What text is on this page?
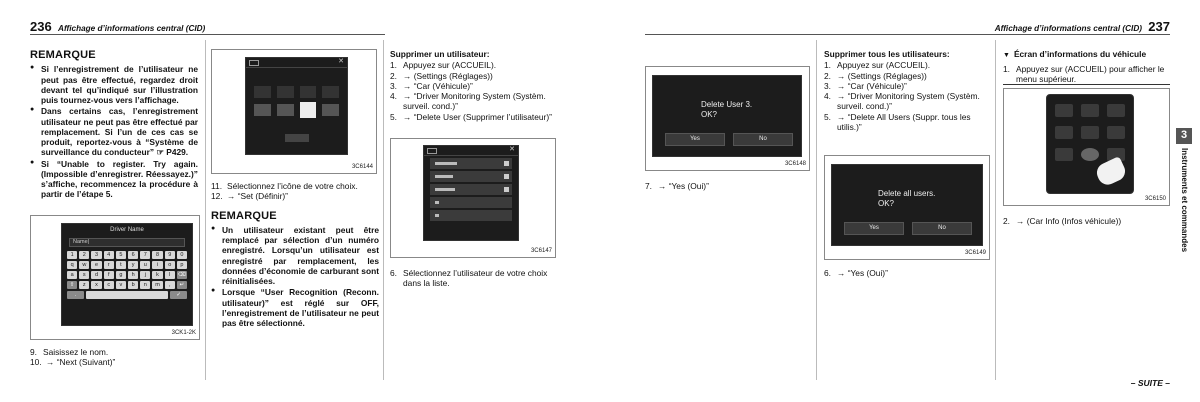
236 Affichage d’informations central (CID)	Affichage d’informations central (CID) 237
REMARQUE
● Si l’enregistrement de l’utilisateur ne peut pas être effectué, regardez droit devant tel qu’indiqué sur l’illustration puis tournez-vous vers l’affichage.
● Dans certains cas, l’enregistrement utilisateur ne peut pas être effectué par remplacement. Si l’un de ces cas se produit, reportez-vous à “Système de surveillance du conducteur” ☞ P429.
● Si “Unable to register. Try again. (Impossible d’enregistrer. Réessayez.)” s’affiche, recommencez la procédure à partir de l’étape 5.
Driver Name
Name|
1	2	3	4	5	6	7	8	9	0
q	w	e	r	t	y	u	i	o	p
a	s	d	f	g	h	j	k	l	⌫
⇧	z	x	c	v	b	n	m	,	↵
.	✓
3CK1-2K
9. Saisissez le nom.
10. → “Next (Suivant)”
✕
3C6144
11. Sélectionnez l’icône de votre choix.
12. → “Set (Définir)”
REMARQUE
● Un utilisateur existant peut être remplacé par sélection d’un numéro enregistré. Lorsqu’un utilisateur est enregistré par remplacement, les données d’économie de carburant sont réinitialisées.
● Lorsque “User Recognition (Reconn. utilisateur)” est réglé sur OFF, l’enregistrement de l’utilisateur ne peut pas être sélectionné.
Supprimer un utilisateur:
1. Appuyez sur (ACCUEIL).
2. → (Settings (Réglages))
3. → “Car (Véhicule)”
4. → “Driver Monitoring System (Systèm. surveil. cond.)”
5. → “Delete User (Supprimer l’utilisateur)”
✕
3C6147
6. Sélectionnez l’utilisateur de votre choix dans la liste.
Delete User 3.
OK?
Yes	No
3C6148
7. → “Yes (Oui)”
Supprimer tous les utilisateurs:
1. Appuyez sur (ACCUEIL).
2. → (Settings (Réglages))
3. → “Car (Véhicule)”
4. → “Driver Monitoring System (Systèm. surveil. cond.)”
5. → “Delete All Users (Suppr. tous les utilis.)”
Delete all users.
OK?
Yes	No
3C6149
6. → “Yes (Oui)”
▼ Écran d’informations du véhicule
1. Appuyez sur (ACCUEIL) pour afficher le menu supérieur.
3C6150
2. → (Car Info (Infos véhicule))
3
Instruments et commandes
– SUITE –
